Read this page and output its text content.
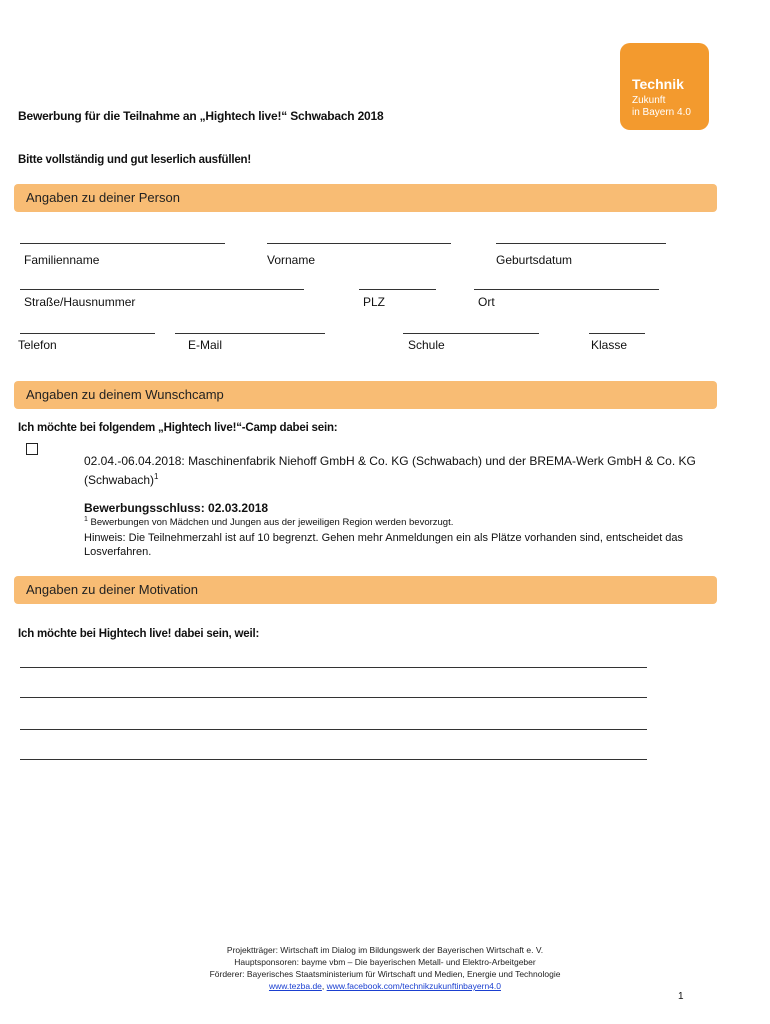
Technik
Zukunft
in Bayern 4.0
Bewerbung für die Teilnahme an „Hightech live!“ Schwabach 2018
Bitte vollständig und gut leserlich ausfüllen!
Angaben zu deiner Person
Familienname	Vorname	Geburtsdatum
Straße/Hausnummer	PLZ	Ort
Telefon	E-Mail	Schule	Klasse
Angaben zu deinem Wunschcamp
Ich möchte bei folgendem „Hightech live!“-Camp dabei sein:
02.04.-06.04.2018: Maschinenfabrik Niehoff GmbH & Co. KG (Schwabach) und der BREMA-Werk GmbH & Co. KG (Schwabach)$^1$
Bewerbungsschluss: 02.03.2018
$^1$ Bewerbungen von Mädchen und Jungen aus der jeweiligen Region werden bevorzugt.
Hinweis: Die Teilnehmerzahl ist auf 10 begrenzt. Gehen mehr Anmeldungen ein als Plätze vorhanden sind, entscheidet das Losverfahren.
Angaben zu deiner Motivation
Ich möchte bei Hightech live! dabei sein, weil:
Projektträger: Wirtschaft im Dialog im Bildungswerk der Bayerischen Wirtschaft e. V.
Hauptsponsoren: bayme vbm – Die bayerischen Metall- und Elektro-Arbeitgeber
Förderer: Bayerisches Staatsministerium für Wirtschaft und Medien, Energie und Technologie
www.tezba.de, www.facebook.com/technikzukunftinbayern4.0
1
